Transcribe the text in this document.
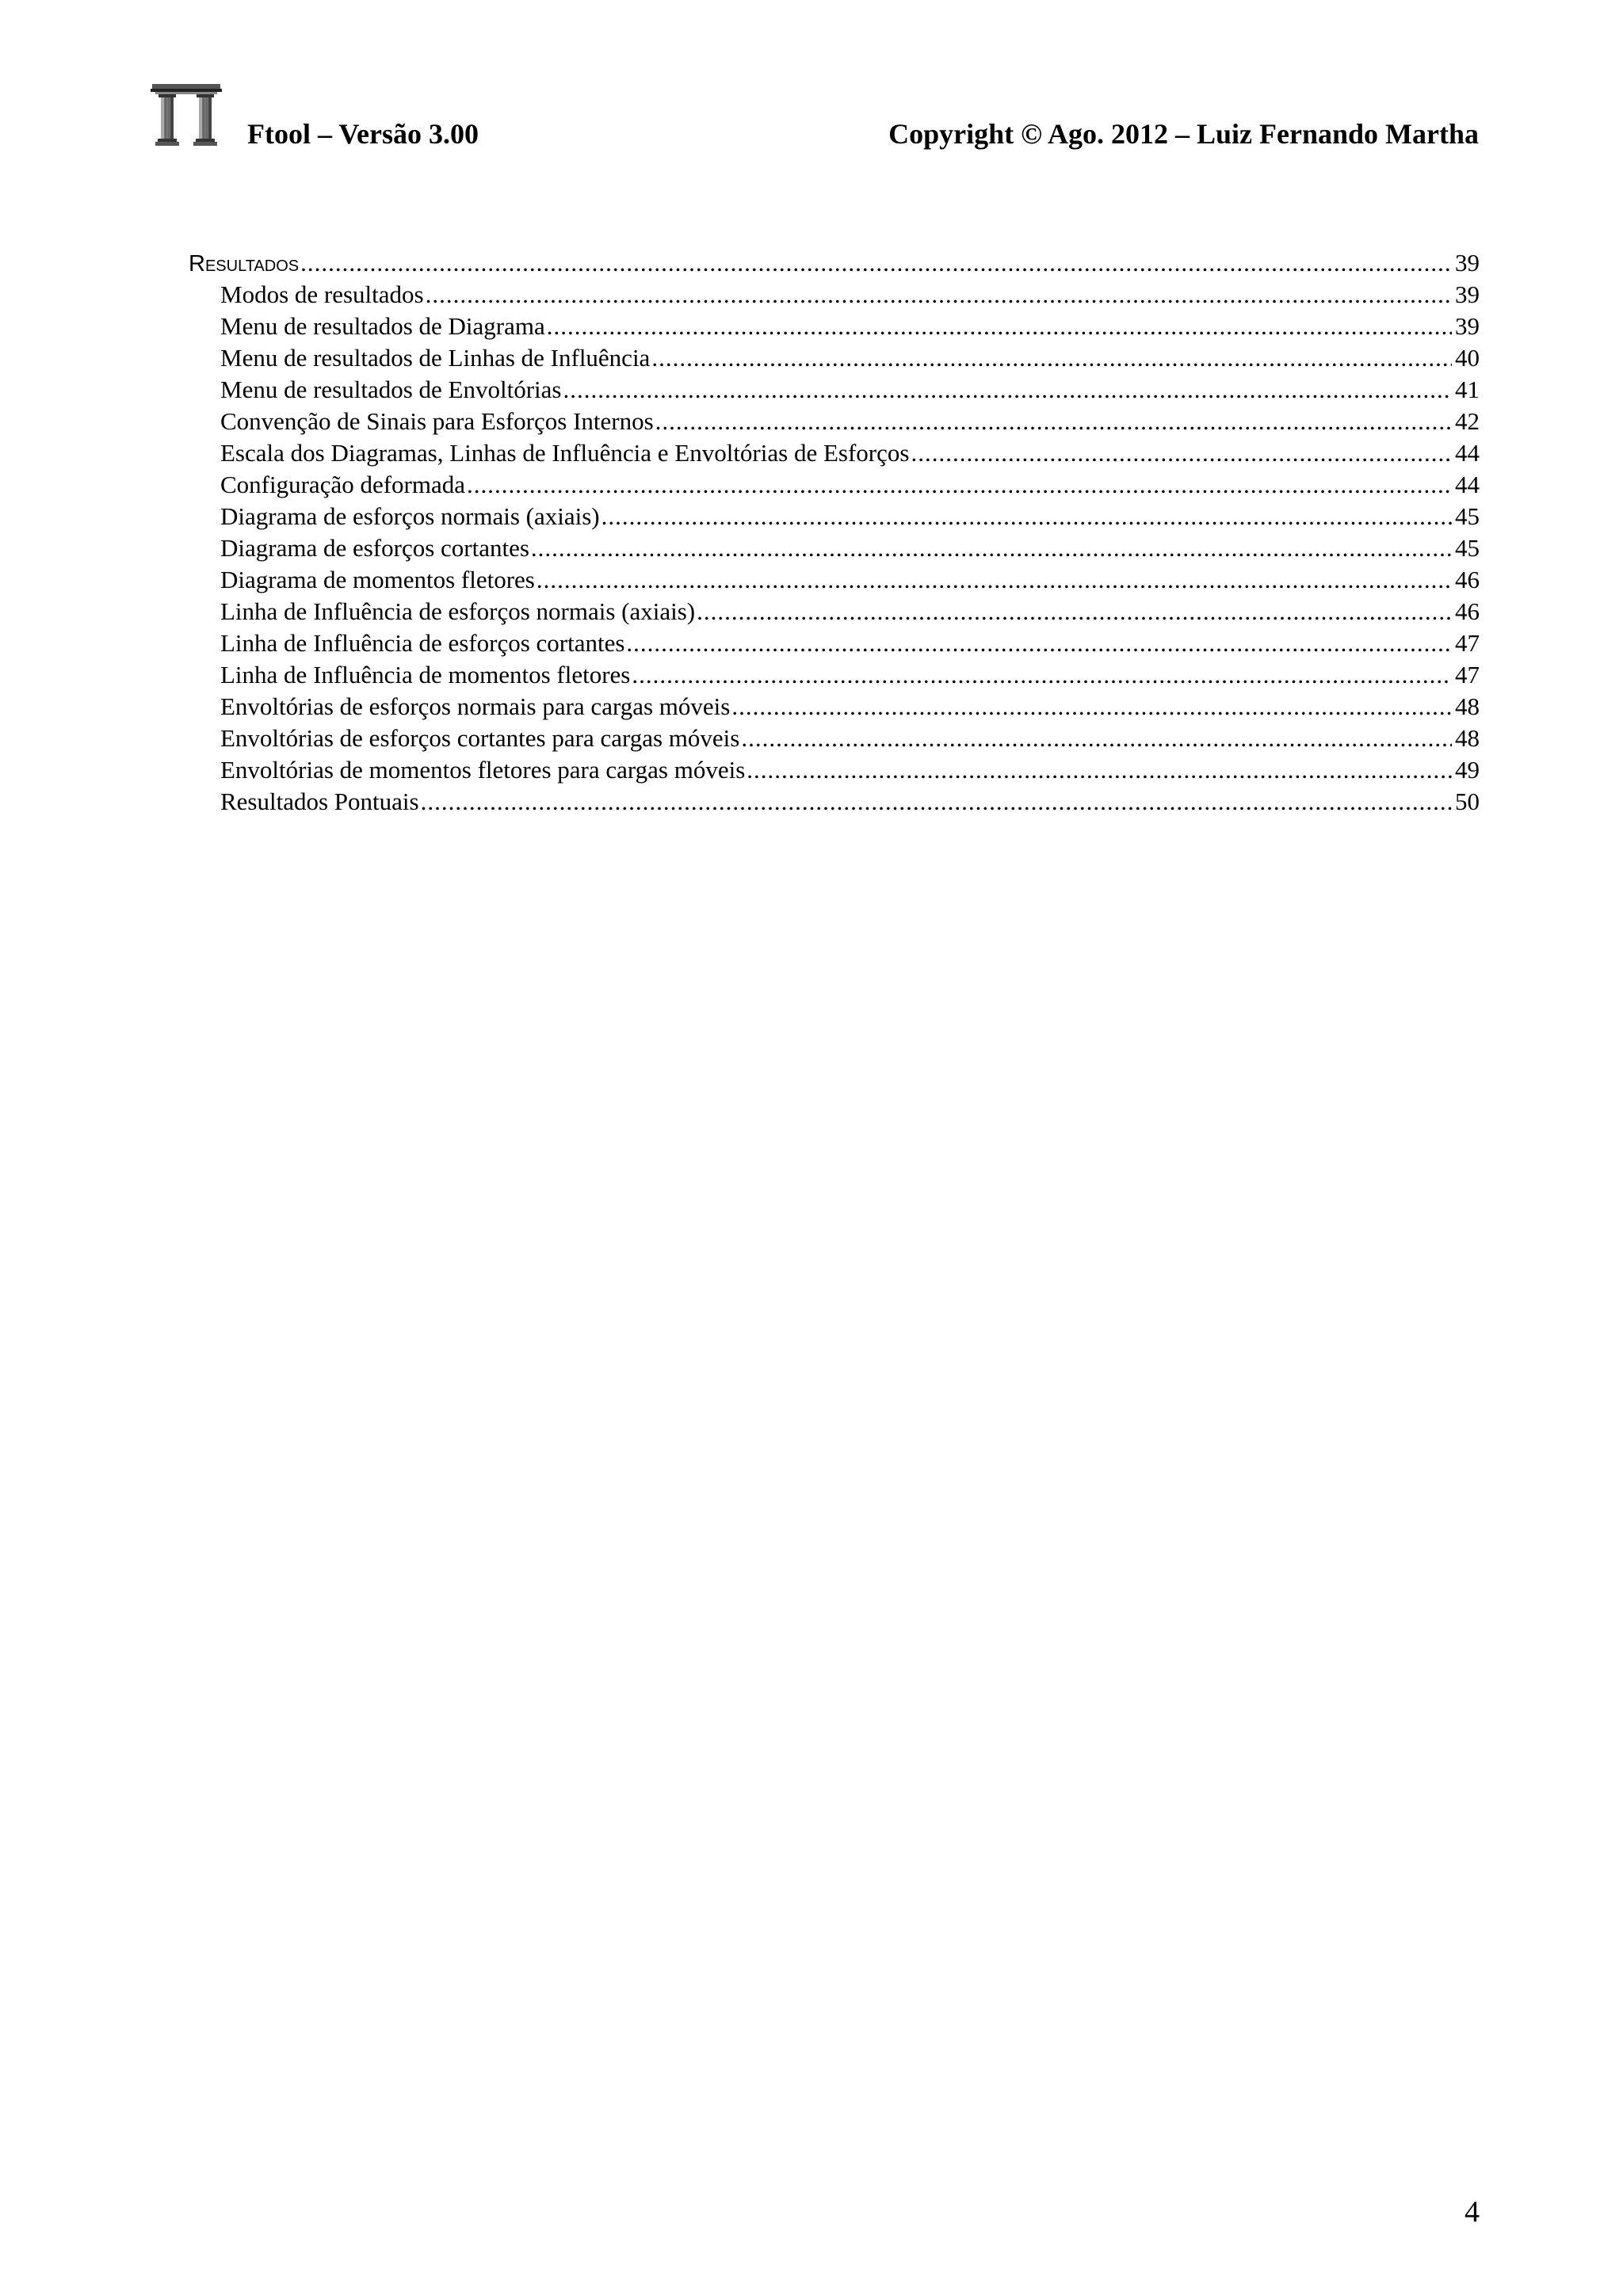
Ftool – Versão 3.00	Copyright © Ago. 2012 – Luiz Fernando Martha
Resultados .....	39
Modos de resultados .....	39
Menu de resultados de Diagrama .....	39
Menu de resultados de Linhas de Influência .....	40
Menu de resultados de Envoltórias .....	41
Convenção de Sinais para Esforços Internos .....	42
Escala dos Diagramas, Linhas de Influência e Envoltórias de Esforços .....	44
Configuração deformada .....	44
Diagrama de esforços normais (axiais) .....	45
Diagrama de esforços cortantes .....	45
Diagrama de momentos fletores .....	46
Linha de Influência de esforços normais (axiais) .....	46
Linha de Influência de esforços cortantes .....	47
Linha de Influência de momentos fletores .....	47
Envoltórias de esforços normais para cargas móveis .....	48
Envoltórias de esforços cortantes para cargas móveis .....	48
Envoltórias de momentos fletores para cargas móveis .....	49
Resultados Pontuais .....	50
4
